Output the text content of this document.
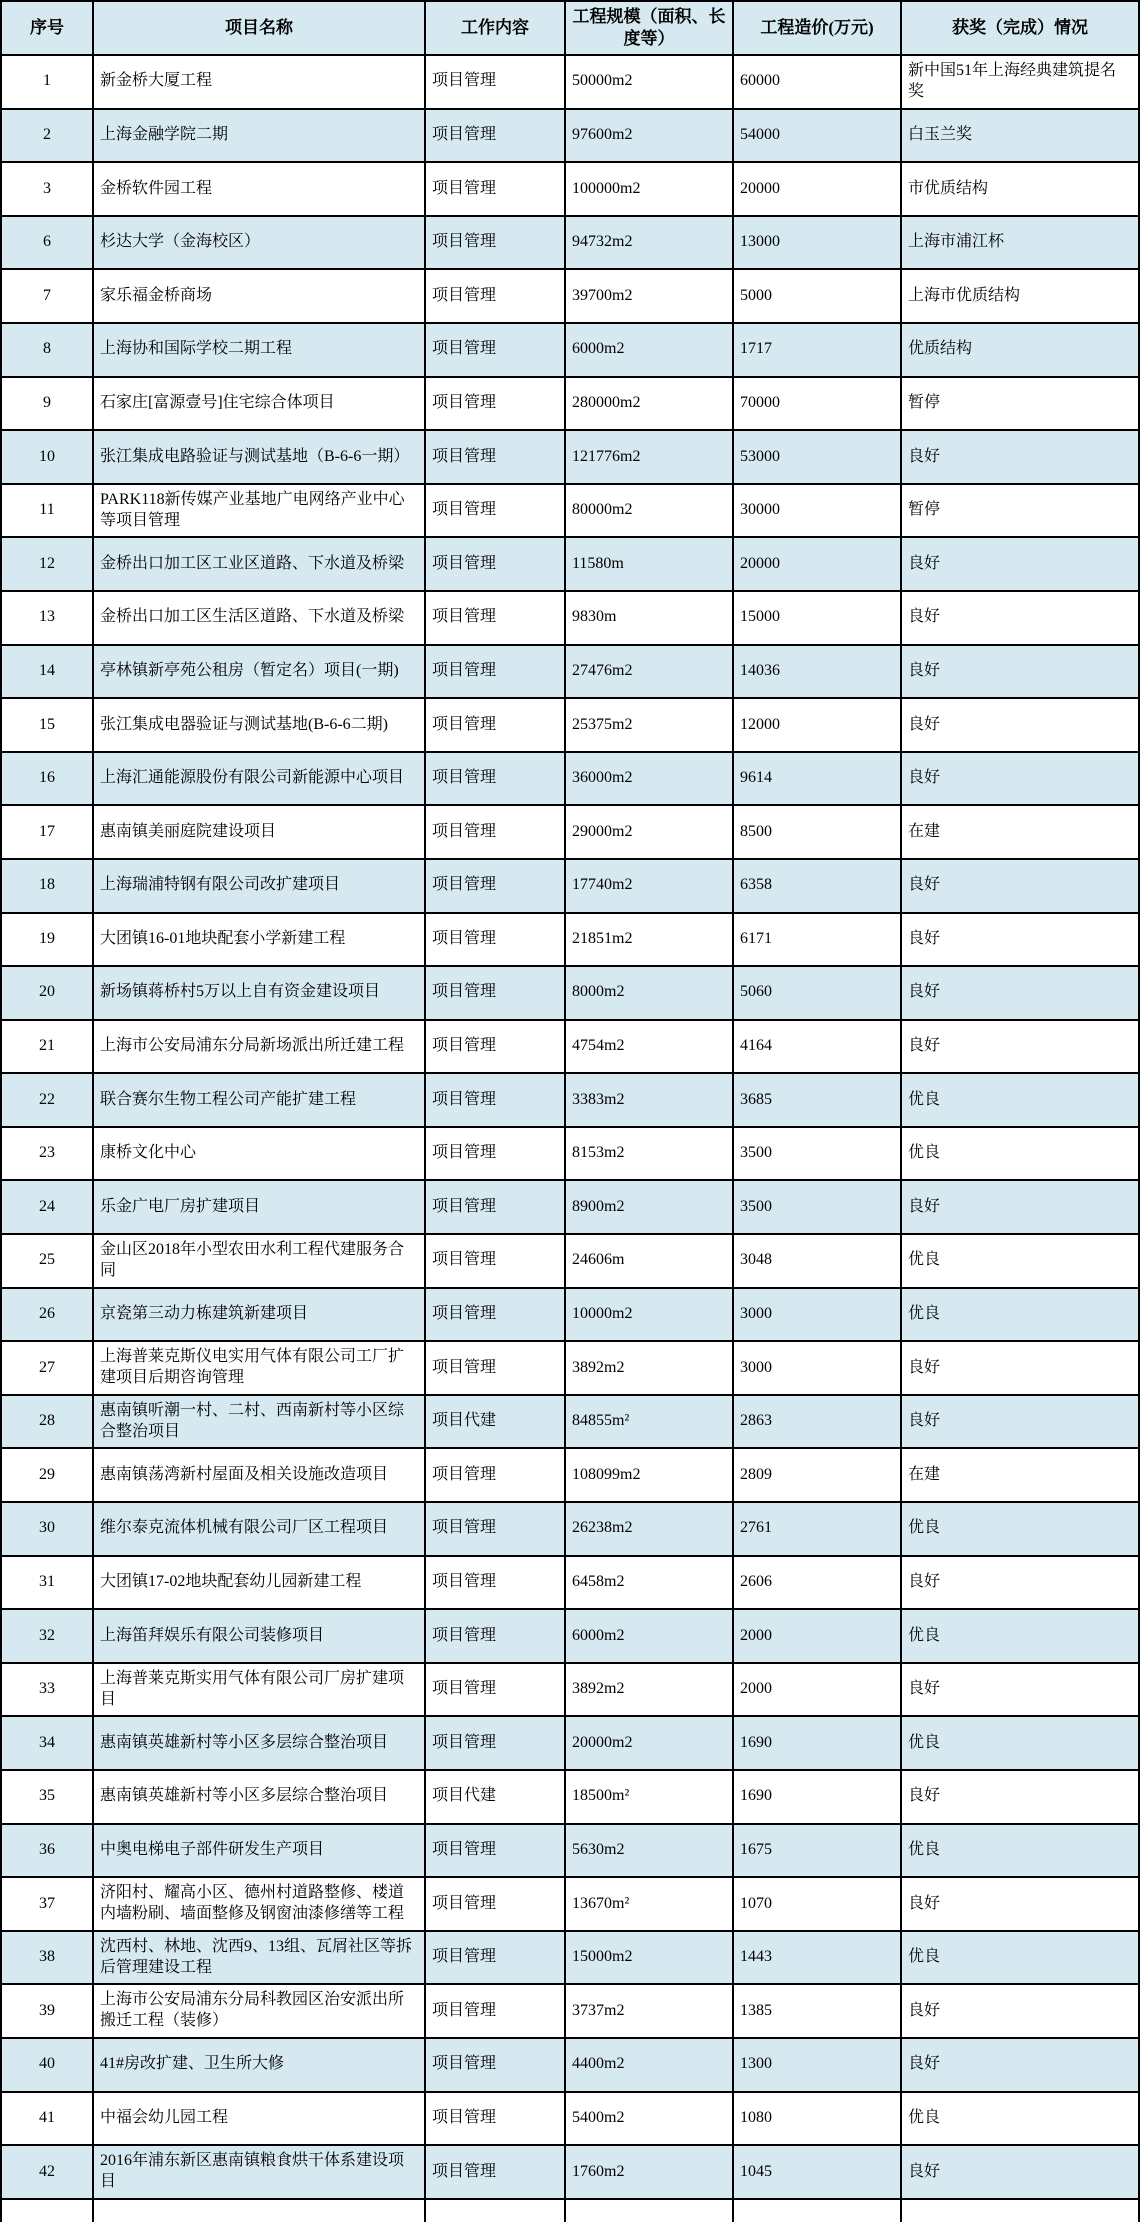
序号	项目名称	工作内容	工程规模（面积、长度等）	工程造价(万元)	获奖（完成）情况
1	新金桥大厦工程	项目管理	50000m2	60000	新中国51年上海经典建筑提名奖
2	上海金融学院二期	项目管理	97600m2	54000	白玉兰奖
3	金桥软件园工程	项目管理	100000m2	20000	市优质结构
6	杉达大学（金海校区）	项目管理	94732m2	13000	上海市浦江杯
7	家乐福金桥商场	项目管理	39700m2	5000	上海市优质结构
8	上海协和国际学校二期工程	项目管理	6000m2	1717	优质结构
9	石家庄[富源壹号]住宅综合体项目	项目管理	280000m2	70000	暂停
10	张江集成电路验证与测试基地（B-6-6一期）	项目管理	121776m2	53000	良好
11	PARK118新传媒产业基地广电网络产业中心等项目管理	项目管理	80000m2	30000	暂停
12	金桥出口加工区工业区道路、下水道及桥梁	项目管理	11580m	20000	良好
13	金桥出口加工区生活区道路、下水道及桥梁	项目管理	9830m	15000	良好
14	亭林镇新亭苑公租房（暂定名）项目(一期)	项目管理	27476m2	14036	良好
15	张江集成电器验证与测试基地(B-6-6二期)	项目管理	25375m2	12000	良好
16	上海汇通能源股份有限公司新能源中心项目	项目管理	36000m2	9614	良好
17	惠南镇美丽庭院建设项目	项目管理	29000m2	8500	在建
18	上海瑞浦特钢有限公司改扩建项目	项目管理	17740m2	6358	良好
19	大团镇16-01地块配套小学新建工程	项目管理	21851m2	6171	良好
20	新场镇蒋桥村5万以上自有资金建设项目	项目管理	8000m2	5060	良好
21	上海市公安局浦东分局新场派出所迁建工程	项目管理	4754m2	4164	良好
22	联合赛尔生物工程公司产能扩建工程	项目管理	3383m2	3685	优良
23	康桥文化中心	项目管理	8153m2	3500	优良
24	乐金广电厂房扩建项目	项目管理	8900m2	3500	良好
25	金山区2018年小型农田水利工程代建服务合同	项目管理	24606m	3048	优良
26	京瓷第三动力栋建筑新建项目	项目管理	10000m2	3000	优良
27	上海普莱克斯仪电实用气体有限公司工厂扩建项目后期咨询管理	项目管理	3892m2	3000	良好
28	惠南镇听潮一村、二村、西南新村等小区综合整治项目	项目代建	84855m²	2863	良好
29	惠南镇荡湾新村屋面及相关设施改造项目	项目管理	108099m2	2809	在建
30	维尔泰克流体机械有限公司厂区工程项目	项目管理	26238m2	2761	优良
31	大团镇17-02地块配套幼儿园新建工程	项目管理	6458m2	2606	良好
32	上海笛拜娱乐有限公司装修项目	项目管理	6000m2	2000	优良
33	上海普莱克斯实用气体有限公司厂房扩建项目	项目管理	3892m2	2000	良好
34	惠南镇英雄新村等小区多层综合整治项目	项目管理	20000m2	1690	优良
35	惠南镇英雄新村等小区多层综合整治项目	项目代建	18500m²	1690	良好
36	中奥电梯电子部件研发生产项目	项目管理	5630m2	1675	优良
37	济阳村、耀高小区、德州村道路整修、楼道内墙粉刷、墙面整修及钢窗油漆修缮等工程	项目管理	13670m²	1070	良好
38	沈西村、林地、沈西9、13组、瓦屑社区等拆后管理建设工程	项目管理	15000m2	1443	优良
39	上海市公安局浦东分局科教园区治安派出所搬迁工程（装修）	项目管理	3737m2	1385	良好
40	41#房改扩建、卫生所大修	项目管理	4400m2	1300	良好
41	中福会幼儿园工程	项目管理	5400m2	1080	优良
42	2016年浦东新区惠南镇粮食烘干体系建设项目	项目管理	1760m2	1045	良好
